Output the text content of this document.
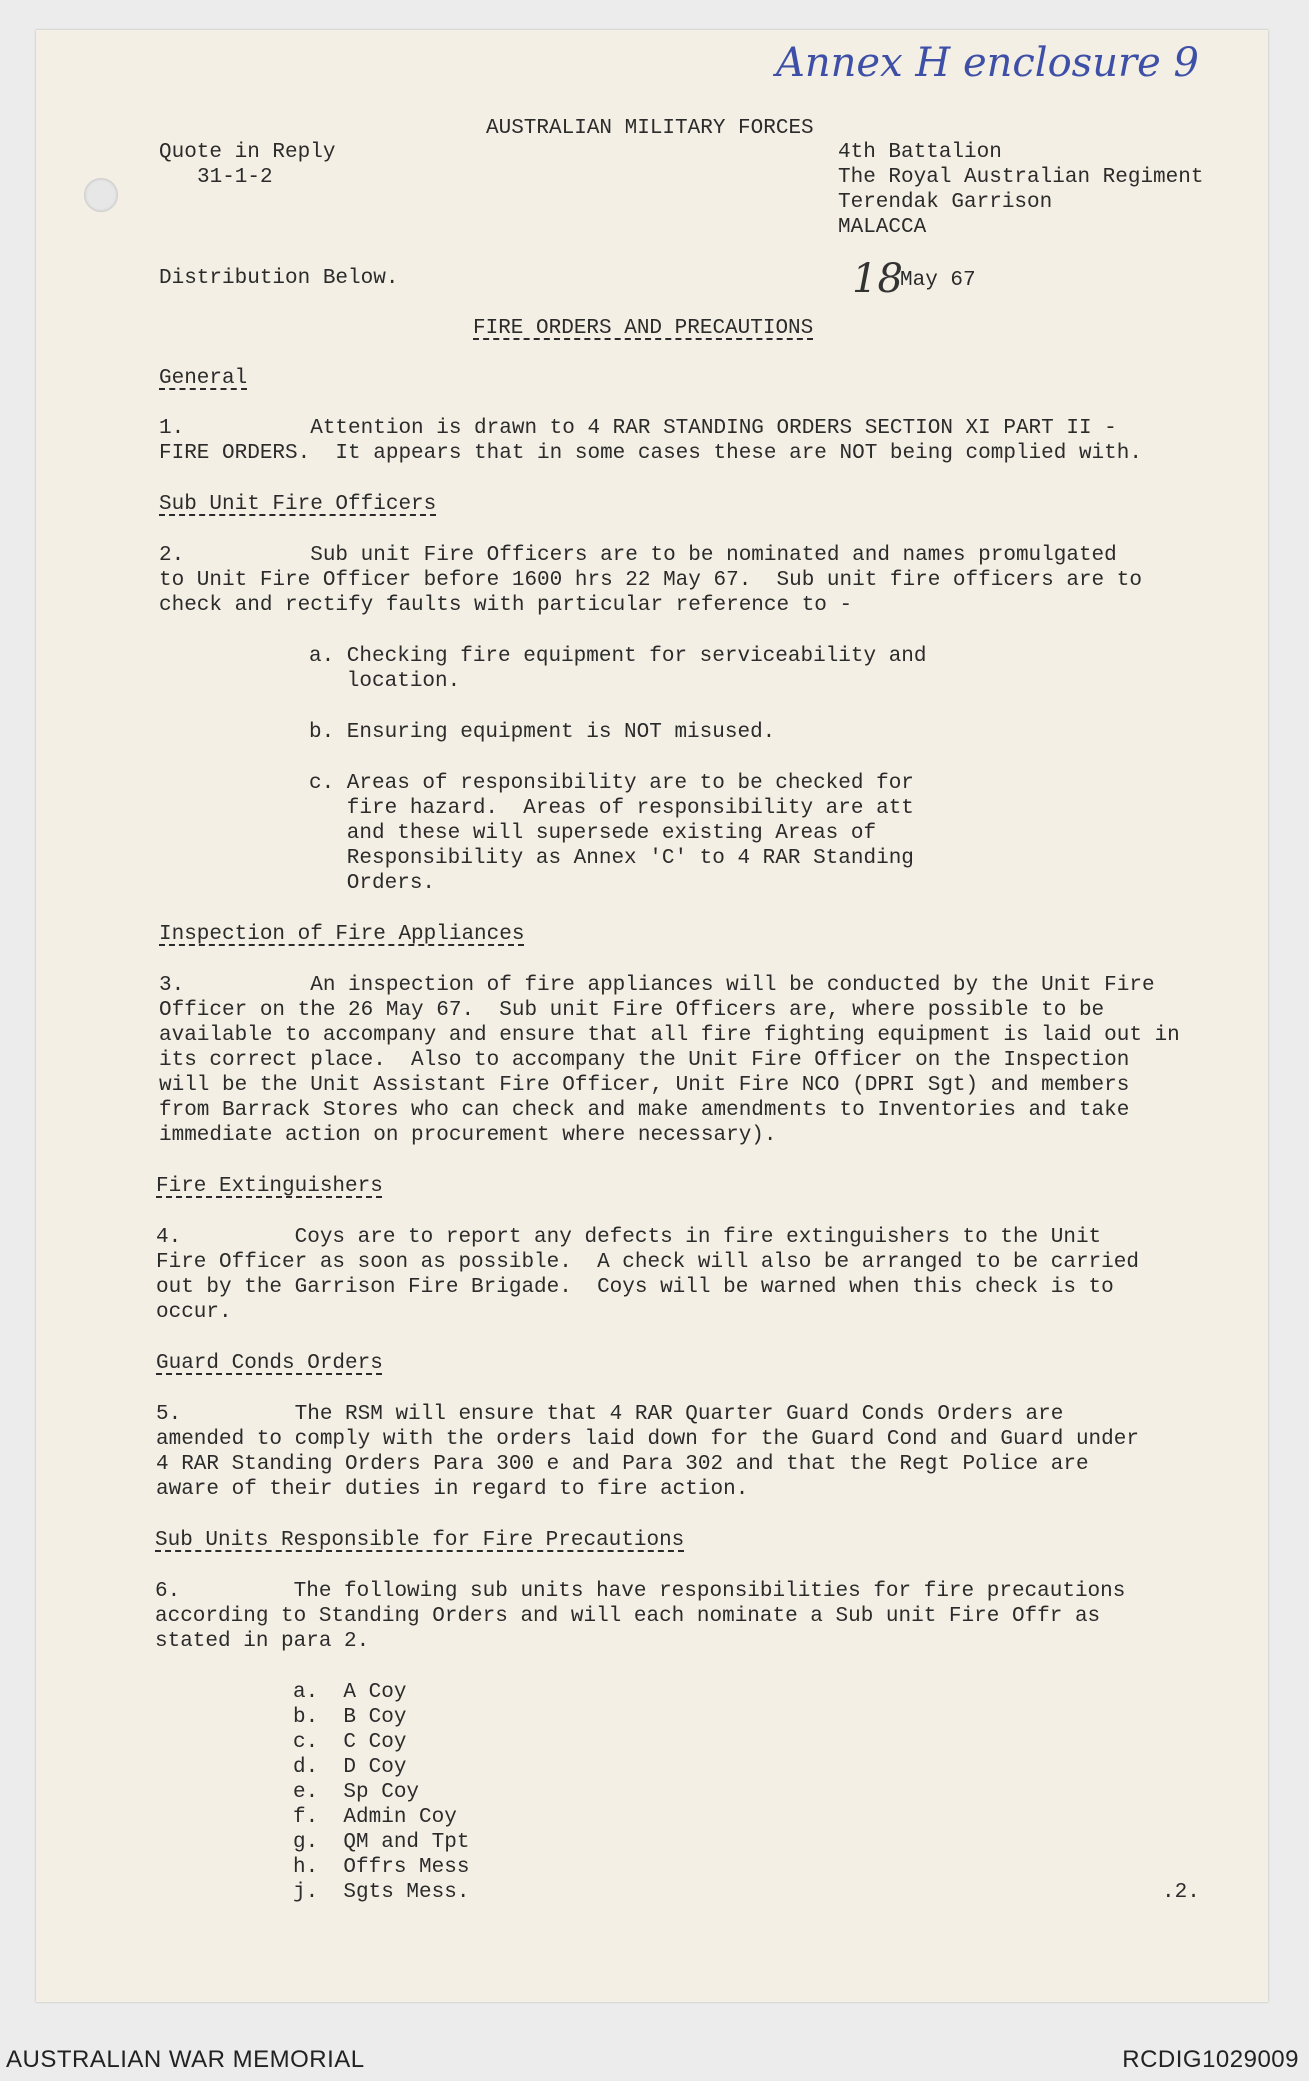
Annex H enclosure 9
AUSTRALIAN MILITARY FORCES
Quote in Reply
31-1-2
4th Battalion
The Royal Australian Regiment
Terendak Garrison
MALACCA
Distribution Below.	18
May 67
FIRE ORDERS AND PRECAUTIONS
General
1.          Attention is drawn to 4 RAR STANDING ORDERS SECTION XI PART II -
FIRE ORDERS.  It appears that in some cases these are NOT being complied with.
Sub Unit Fire Officers
2.          Sub unit Fire Officers are to be nominated and names promulgated
to Unit Fire Officer before 1600 hrs 22 May 67.  Sub unit fire officers are to
check and rectify faults with particular reference to -
a. Checking fire equipment for serviceability and
location.
b. Ensuring equipment is NOT misused.
c. Areas of responsibility are to be checked for
fire hazard.  Areas of responsibility are att
and these will supersede existing Areas of
Responsibility as Annex 'C' to 4 RAR Standing
Orders.
Inspection of Fire Appliances
3.          An inspection of fire appliances will be conducted by the Unit Fire
Officer on the 26 May 67.  Sub unit Fire Officers are, where possible to be
available to accompany and ensure that all fire fighting equipment is laid out in
its correct place.  Also to accompany the Unit Fire Officer on the Inspection
will be the Unit Assistant Fire Officer, Unit Fire NCO (DPRI Sgt) and members
from Barrack Stores who can check and make amendments to Inventories and take
immediate action on procurement where necessary).
Fire Extinguishers
4.         Coys are to report any defects in fire extinguishers to the Unit
Fire Officer as soon as possible.  A check will also be arranged to be carried
out by the Garrison Fire Brigade.  Coys will be warned when this check is to
occur.
Guard Conds Orders
5.         The RSM will ensure that 4 RAR Quarter Guard Conds Orders are
amended to comply with the orders laid down for the Guard Cond and Guard under
4 RAR Standing Orders Para 300 e and Para 302 and that the Regt Police are
aware of their duties in regard to fire action.
Sub Units Responsible for Fire Precautions
6.         The following sub units have responsibilities for fire precautions
according to Standing Orders and will each nominate a Sub unit Fire Offr as
stated in para 2.
a.  A Coy
b.  B Coy
c.  C Coy
d.  D Coy
e.  Sp Coy
f.  Admin Coy
g.  QM and Tpt
h.  Offrs Mess
j.  Sgts Mess.	.2.
AUSTRALIAN WAR MEMORIAL	RCDIG1029009
